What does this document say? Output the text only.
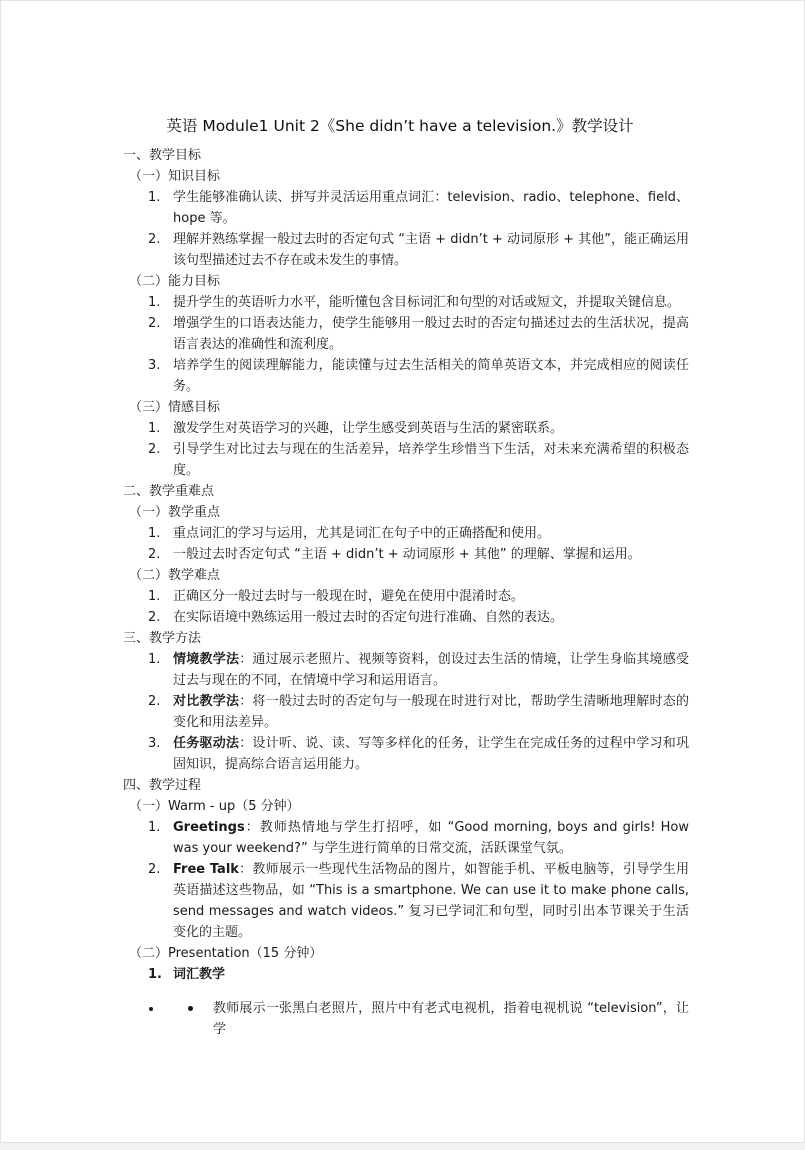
英语 Module1 Unit 2《She didn’t have a television.》教学设计
一、教学目标
（一）知识目标
1. 学生能够准确认读、拼写并灵活运用重点词汇：television、radio、telephone、field、hope 等。
2. 理解并熟练掌握一般过去时的否定句式 “主语 + didn’t + 动词原形 + 其他”，能正确运用该句型描述过去不存在或未发生的事情。
（二）能力目标
1. 提升学生的英语听力水平，能听懂包含目标词汇和句型的对话或短文，并提取关键信息。
2. 增强学生的口语表达能力，使学生能够用一般过去时的否定句描述过去的生活状况，提高语言表达的准确性和流利度。
3. 培养学生的阅读理解能力，能读懂与过去生活相关的简单英语文本，并完成相应的阅读任务。
（三）情感目标
1. 激发学生对英语学习的兴趣，让学生感受到英语与生活的紧密联系。
2. 引导学生对比过去与现在的生活差异，培养学生珍惜当下生活，对未来充满希望的积极态度。
二、教学重难点
（一）教学重点
1. 重点词汇的学习与运用，尤其是词汇在句子中的正确搭配和使用。
2. 一般过去时否定句式 “主语 + didn’t + 动词原形 + 其他” 的理解、掌握和运用。
（二）教学难点
1. 正确区分一般过去时与一般现在时，避免在使用中混淆时态。
2. 在实际语境中熟练运用一般过去时的否定句进行准确、自然的表达。
三、教学方法
1. 情境教学法：通过展示老照片、视频等资料，创设过去生活的情境，让学生身临其境感受过去与现在的不同，在情境中学习和运用语言。
2. 对比教学法：将一般过去时的否定句与一般现在时进行对比，帮助学生清晰地理解时态的变化和用法差异。
3. 任务驱动法：设计听、说、读、写等多样化的任务，让学生在完成任务的过程中学习和巩固知识，提高综合语言运用能力。
四、教学过程
（一）Warm - up（5 分钟）
1. Greetings：教师热情地与学生打招呼，如 “Good morning, boys and girls! How was your weekend?” 与学生进行简单的日常交流，活跃课堂气氛。
2. Free Talk：教师展示一些现代生活物品的图片，如智能手机、平板电脑等，引导学生用英语描述这些物品，如 “This is a smartphone. We can use it to make phone calls, send messages and watch videos.” 复习已学词汇和句型，同时引出本节课关于生活变化的主题。
（二）Presentation（15 分钟）
1. 词汇教学
• 教师展示一张黑白老照片，照片中有老式电视机，指着电视机说 “television”，让学
